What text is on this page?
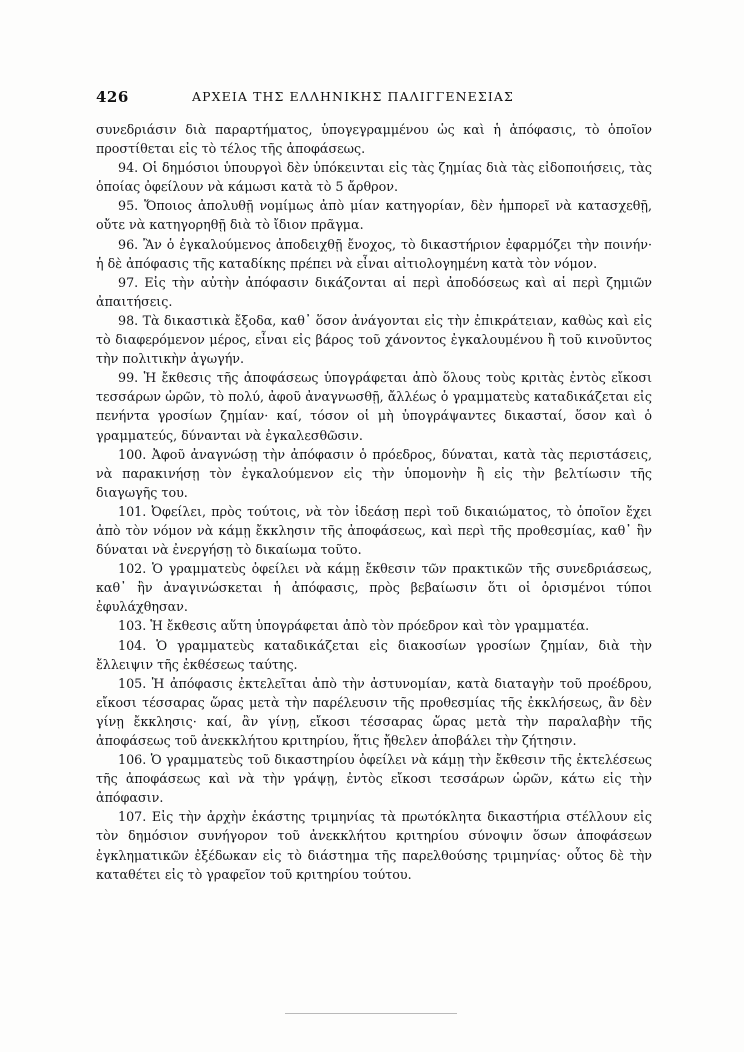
426	ΑΡΧΕΙΑ ΤΗΣ ΕΛΛΗΝΙΚΗΣ ΠΑΛΙΓΓΕΝΕΣΙΑΣ

συνεδριάσιν διὰ παραρτήματος, ὑπογεγραμμένου ὡς καὶ ἡ ἀπόφασις, τὸ ὁποῖον προστίθεται εἰς τὸ τέλος τῆς ἀποφάσεως.

94. Οἱ δημόσιοι ὑπουργοὶ δὲν ὑπόκεινται εἰς τὰς ζημίας διὰ τὰς εἰδοποιήσεις, τὰς ὁποίας ὀφείλουν νὰ κάμωσι κατὰ τὸ 5 ἄρθρον.

95. Ὅποιος ἀπολυθῇ νομίμως ἀπὸ μίαν κατηγορίαν, δὲν ἠμπορεῖ νὰ κατασχεθῇ, οὔτε νὰ κατηγορηθῇ διὰ τὸ ἴδιον πρᾶγμα.

96. Ἂν ὁ ἐγκαλούμενος ἀποδειχθῇ ἔνοχος, τὸ δικαστήριον ἐφαρμόζει τὴν ποινήν· ἡ δὲ ἀπόφασις τῆς καταδίκης πρέπει νὰ εἶναι αἰτιολογημένη κατὰ τὸν νόμον.

97. Εἰς τὴν αὐτὴν ἀπόφασιν δικάζονται αἱ περὶ ἀποδόσεως καὶ αἱ περὶ ζημιῶν ἀπαιτήσεις.

98. Τὰ δικαστικὰ ἔξοδα, καθ᾽ ὅσον ἀνάγονται εἰς τὴν ἐπικράτειαν, καθὼς καὶ εἰς τὸ διαφερόμενον μέρος, εἶναι εἰς βάρος τοῦ χάνοντος ἐγκαλουμένου ἢ τοῦ κινοῦντος τὴν πολιτικὴν ἀγωγήν.

99. Ἡ ἔκθεσις τῆς ἀποφάσεως ὑπογράφεται ἀπὸ ὅλους τοὺς κριτὰς ἐντὸς εἴκοσι τεσσάρων ὡρῶν, τὸ πολύ, ἀφοῦ ἀναγνωσθῇ, ἄλλέως ὁ γραμματεὺς καταδικάζεται εἰς πενήντα γροσίων ζημίαν· καί, τόσον οἱ μὴ ὑπογράψαντες δικασταί, ὅσον καὶ ὁ γραμματεύς, δύνανται νὰ ἐγκαλεσθῶσιν.

100. Ἀφοῦ ἀναγνώσῃ τὴν ἀπόφασιν ὁ πρόεδρος, δύναται, κατὰ τὰς περιστάσεις, νὰ παρακινήσῃ τὸν ἐγκαλούμενον εἰς τὴν ὑπομονὴν ἢ εἰς τὴν βελτίωσιν τῆς διαγωγῆς του.

101. Ὀφείλει, πρὸς τούτοις, νὰ τὸν ἰδεάσῃ περὶ τοῦ δικαιώματος, τὸ ὁποῖον ἔχει ἀπὸ τὸν νόμον νὰ κάμῃ ἔκκλησιν τῆς ἀποφάσεως, καὶ περὶ τῆς προθεσμίας, καθ᾽ ἣν δύναται νὰ ἐνεργήσῃ τὸ δικαίωμα τοῦτο.

102. Ὁ γραμματεὺς ὀφείλει νὰ κάμῃ ἔκθεσιν τῶν πρακτικῶν τῆς συνεδριάσεως, καθ᾽ ἣν ἀναγινώσκεται ἡ ἀπόφασις, πρὸς βεβαίωσιν ὅτι οἱ ὁρισμένοι τύποι ἐφυλάχθησαν.

103. Ἡ ἔκθεσις αὕτη ὑπογράφεται ἀπὸ τὸν πρόεδρον καὶ τὸν γραμματέα.

104. Ὁ γραμματεὺς καταδικάζεται εἰς διακοσίων γροσίων ζημίαν, διὰ τὴν ἔλλειψιν τῆς ἐκθέσεως ταύτης.

105. Ἡ ἀπόφασις ἐκτελεῖται ἀπὸ τὴν ἀστυνομίαν, κατὰ διαταγὴν τοῦ προέδρου, εἴκοσι τέσσαρας ὥρας μετὰ τὴν παρέλευσιν τῆς προθεσμίας τῆς ἐκκλήσεως, ἂν δὲν γίνῃ ἔκκλησις· καί, ἂν γίνῃ, εἴκοσι τέσσαρας ὥρας μετὰ τὴν παραλαβὴν τῆς ἀποφάσεως τοῦ ἀνεκκλήτου κριτηρίου, ἥτις ἤθελεν ἀποβάλει τὴν ζήτησιν.

106. Ὁ γραμματεὺς τοῦ δικαστηρίου ὀφείλει νὰ κάμῃ τὴν ἔκθεσιν τῆς ἐκτελέσεως τῆς ἀποφάσεως καὶ νὰ τὴν γράψῃ, ἐντὸς εἴκοσι τεσσάρων ὡρῶν, κάτω εἰς τὴν ἀπόφασιν.

107. Εἰς τὴν ἀρχὴν ἑκάστης τριμηνίας τὰ πρωτόκλητα δικαστήρια στέλλουν εἰς τὸν δημόσιον συνήγορον τοῦ ἀνεκκλήτου κριτηρίου σύνοψιν ὅσων ἀποφάσεων ἐγκληματικῶν ἐξέδωκαν εἰς τὸ διάστημα τῆς παρελθούσης τριμηνίας· οὗτος δὲ τὴν καταθέτει εἰς τὸ γραφεῖον τοῦ κριτηρίου τούτου.
